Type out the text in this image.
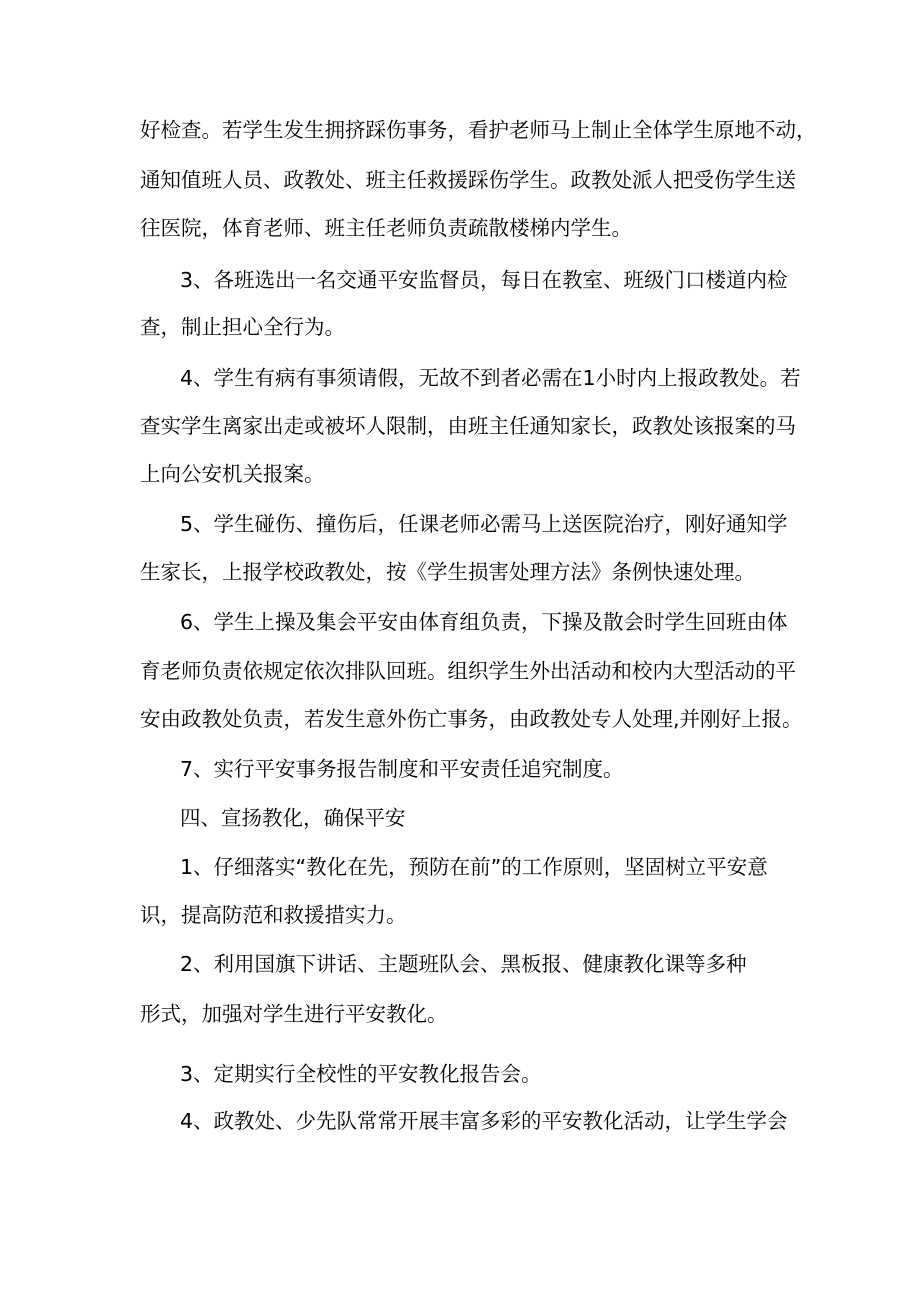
好检查。若学生发生拥挤踩伤事务，看护老师马上制止全体学生原地不动，

通知值班人员、政教处、班主任救援踩伤学生。政教处派人把受伤学生送

往医院，体育老师、班主任老师负责疏散楼梯内学生。

3、各班选出一名交通平安监督员，每日在教室、班级门口楼道内检

查，制止担心全行为。

4、学生有病有事须请假，无故不到者必需在1小时内上报政教处。若

查实学生离家出走或被坏人限制，由班主任通知家长，政教处该报案的马

上向公安机关报案。

5、学生碰伤、撞伤后，任课老师必需马上送医院治疗，刚好通知学

生家长，上报学校政教处，按《学生损害处理方法》条例快速处理。

6、学生上操及集会平安由体育组负责，下操及散会时学生回班由体

育老师负责依规定依次排队回班。组织学生外出活动和校内大型活动的平

安由政教处负责，若发生意外伤亡事务，由政教处专人处理,并刚好上报。

7、实行平安事务报告制度和平安责任追究制度。

四、宣扬教化，确保平安

1、仔细落实“教化在先，预防在前”的工作原则，坚固树立平安意

识，提高防范和救援措实力。

2、利用国旗下讲话、主题班队会、黑板报、健康教化课等多种

形式，加强对学生进行平安教化。

3、定期实行全校性的平安教化报告会。

4、政教处、少先队常常开展丰富多彩的平安教化活动，让学生学会
